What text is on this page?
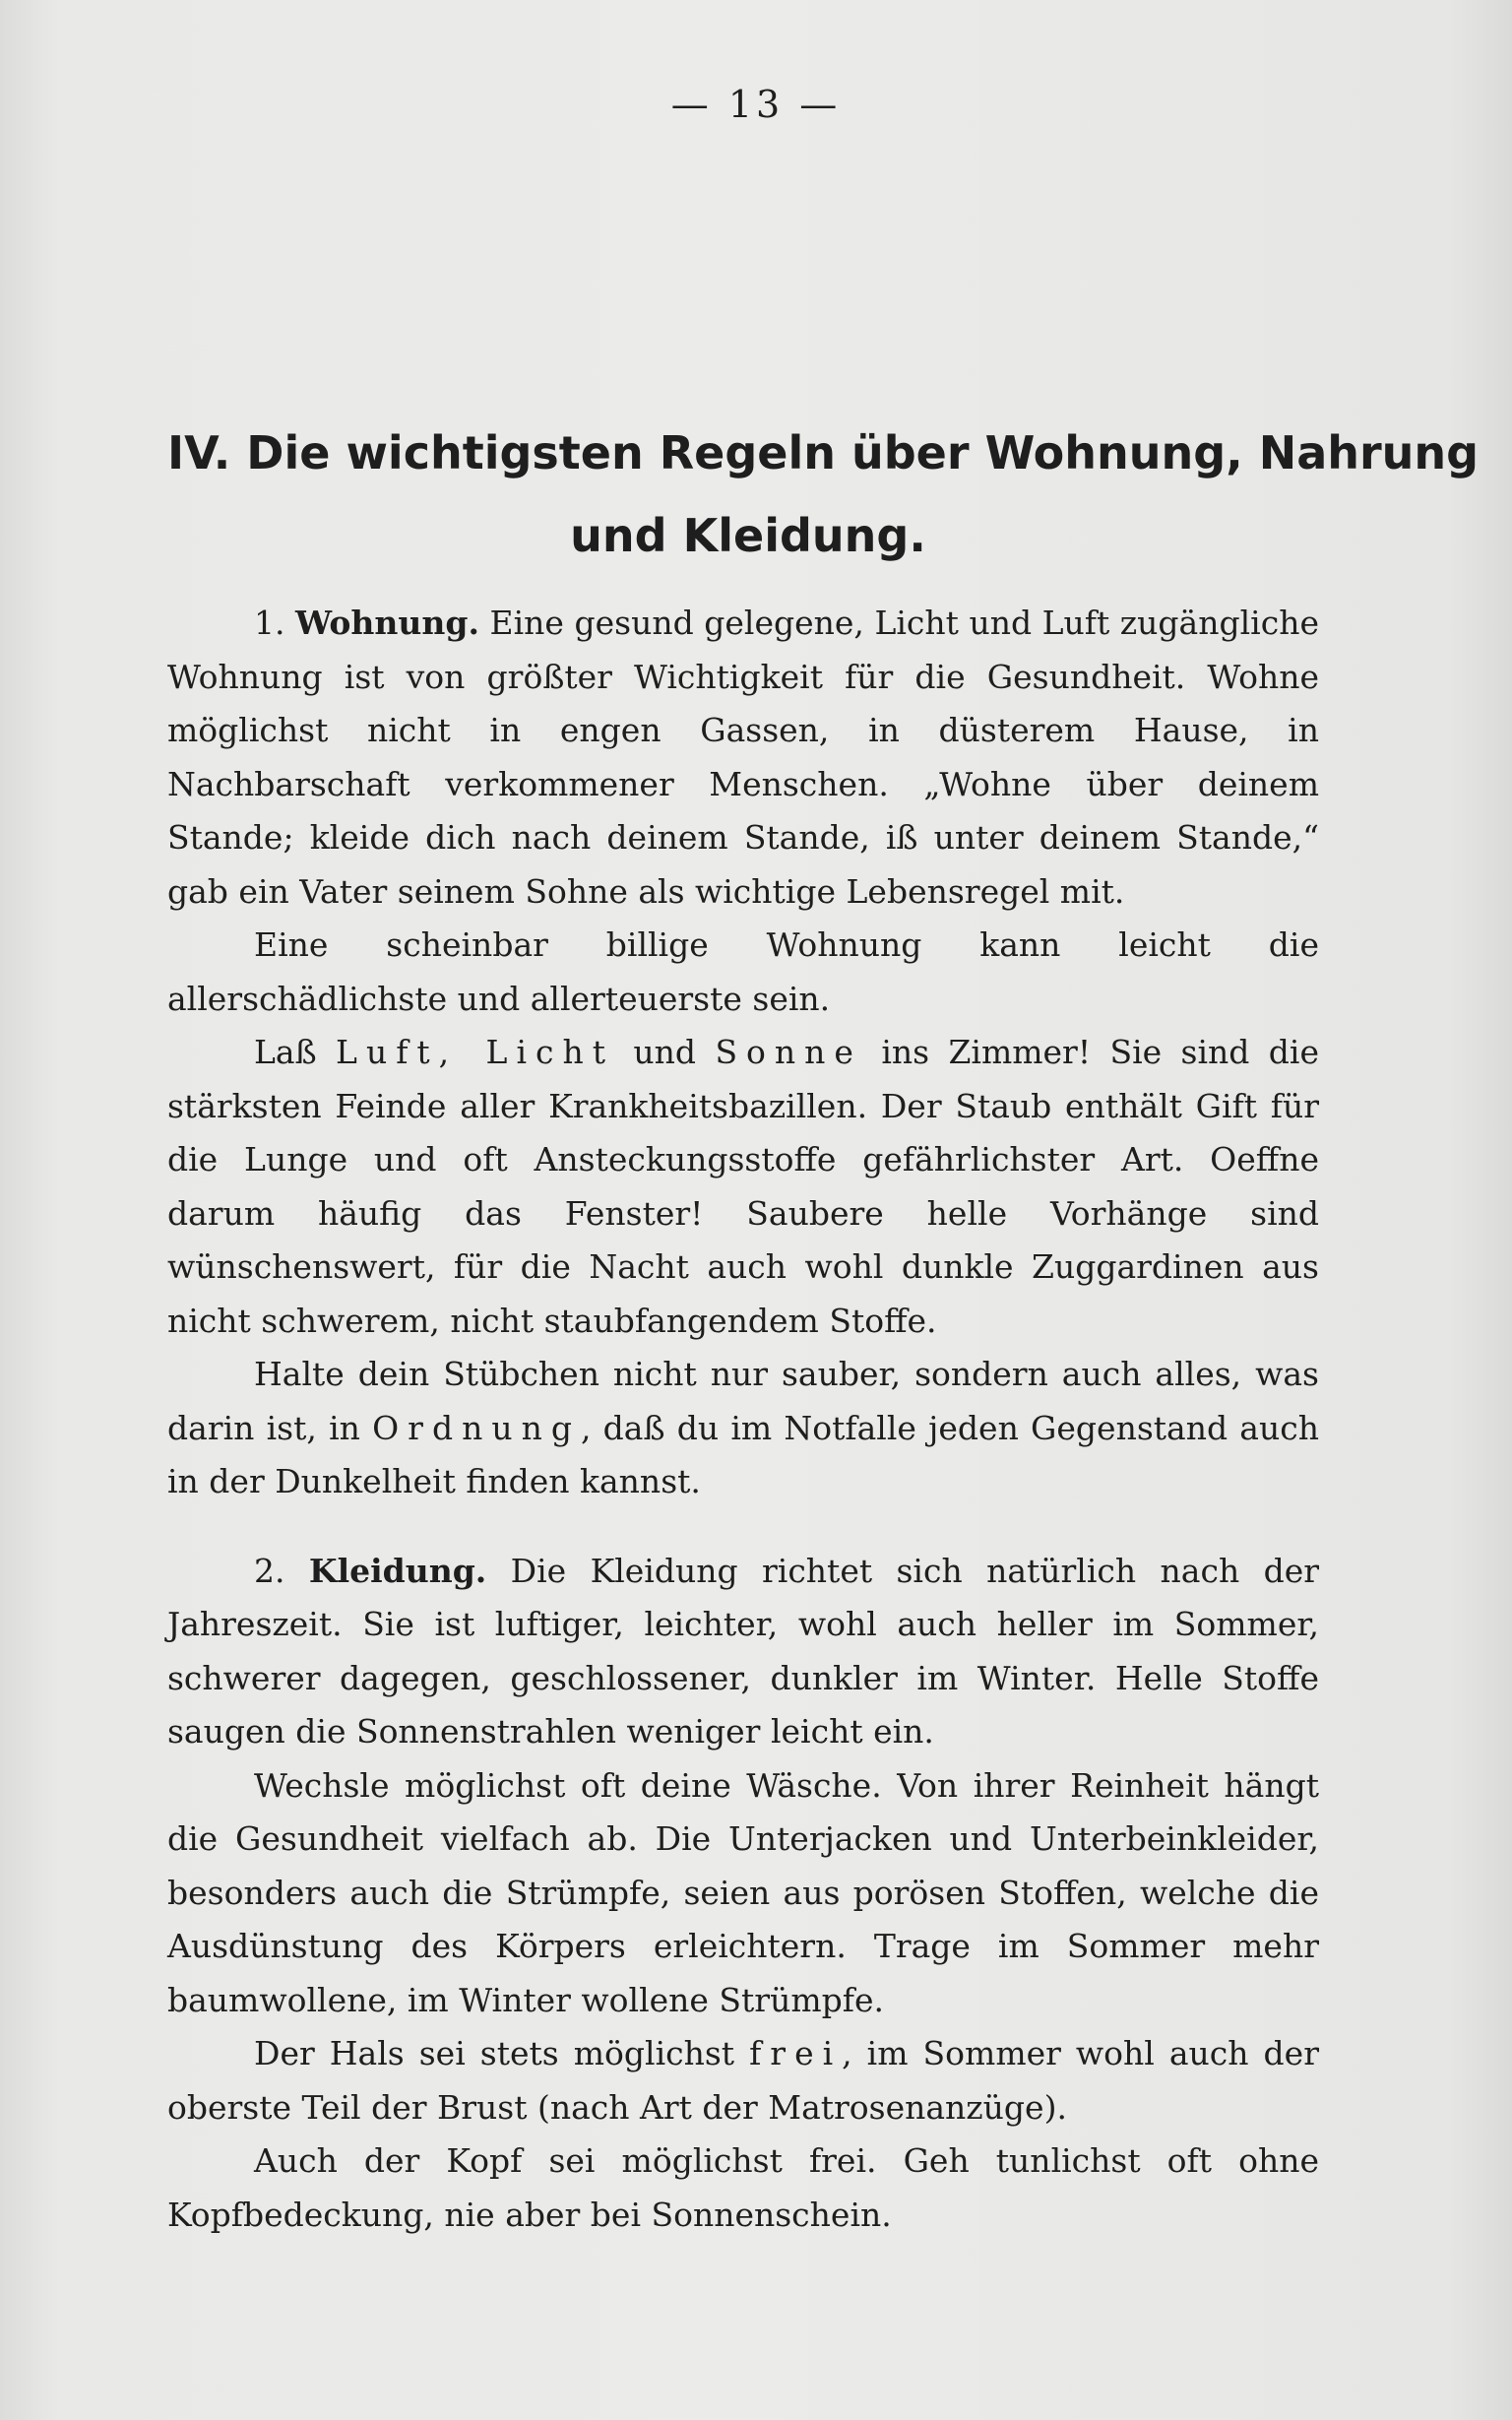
— 13 —
IV. Die wichtigsten Regeln über Wohnung, Nahrung
und Kleidung.

1. Wohnung. Eine gesund gelegene, Licht und Luft zugängliche Wohnung ist von größter Wichtigkeit für die Gesundheit. Wohne möglichst nicht in engen Gassen, in düsterem Hause, in Nachbarschaft verkommener Menschen. „Wohne über deinem Stande; kleide dich nach deinem Stande, iß unter deinem Stande,“ gab ein Vater seinem Sohne als wichtige Lebensregel mit.

Eine scheinbar billige Wohnung kann leicht die allerschädlichste und allerteuerste sein.

Laß Luft, Licht und Sonne ins Zimmer! Sie sind die stärksten Feinde aller Krankheitsbazillen. Der Staub enthält Gift für die Lunge und oft Ansteckungsstoffe gefährlichster Art. Oeffne darum häufig das Fenster! Saubere helle Vorhänge sind wünschenswert, für die Nacht auch wohl dunkle Zuggardinen aus nicht schwerem, nicht staubfangendem Stoffe.

Halte dein Stübchen nicht nur sauber, sondern auch alles, was darin ist, in Ordnung, daß du im Notfalle jeden Gegenstand auch in der Dunkelheit finden kannst.

2. Kleidung. Die Kleidung richtet sich natürlich nach der Jahreszeit. Sie ist luftiger, leichter, wohl auch heller im Sommer, schwerer dagegen, geschlossener, dunkler im Winter. Helle Stoffe saugen die Sonnenstrahlen weniger leicht ein.

Wechsle möglichst oft deine Wäsche. Von ihrer Reinheit hängt die Gesundheit vielfach ab. Die Unterjacken und Unterbeinkleider, besonders auch die Strümpfe, seien aus porösen Stoffen, welche die Ausdünstung des Körpers erleichtern. Trage im Sommer mehr baumwollene, im Winter wollene Strümpfe.

Der Hals sei stets möglichst frei, im Sommer wohl auch der oberste Teil der Brust (nach Art der Matrosenanzüge).

Auch der Kopf sei möglichst frei. Geh tunlichst oft ohne Kopfbedeckung, nie aber bei Sonnenschein.
